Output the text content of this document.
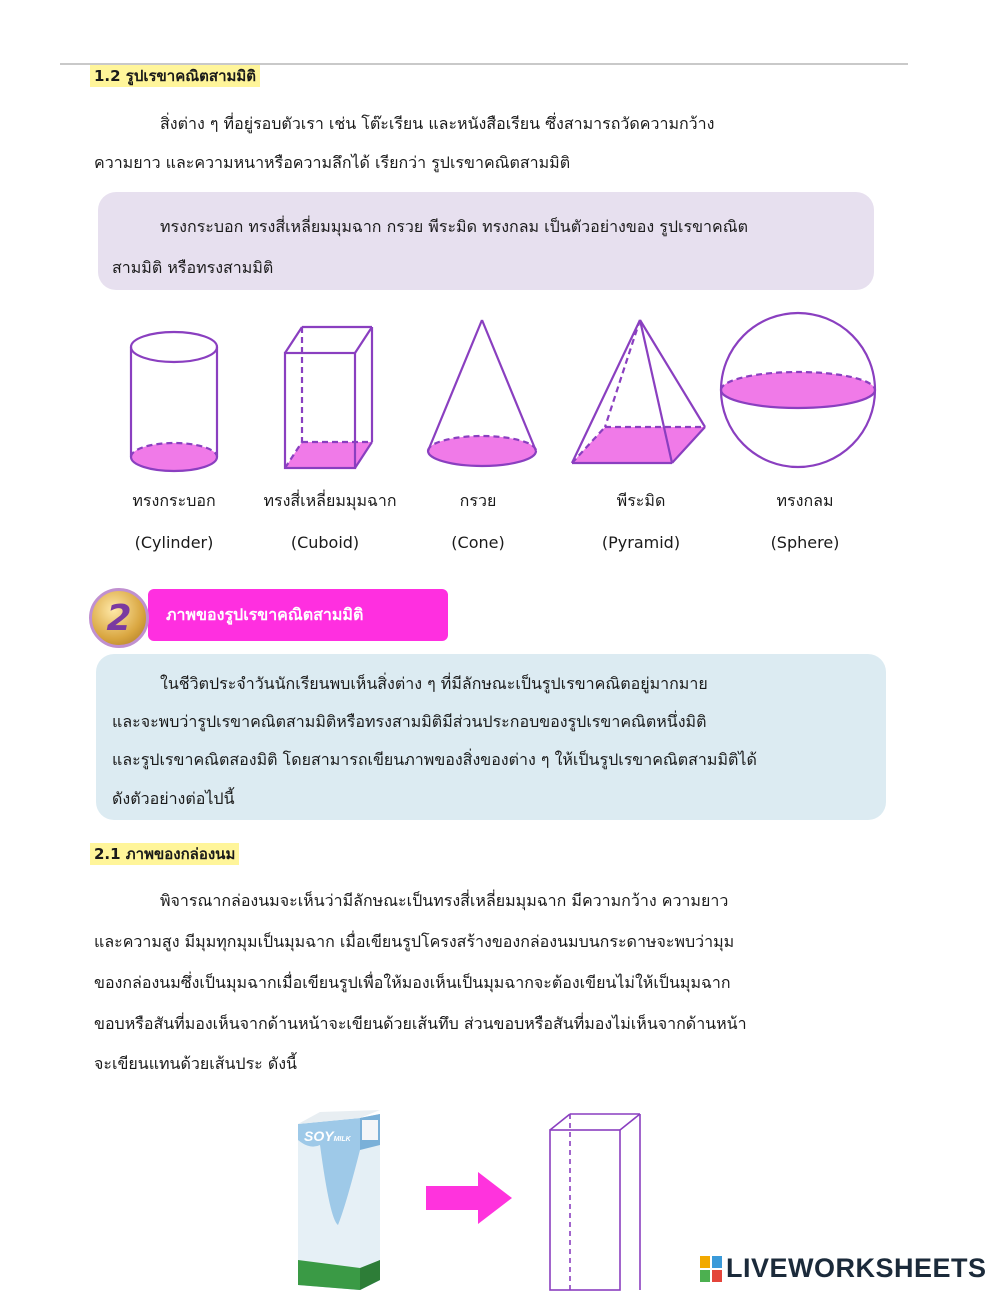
1.2 รูปเรขาคณิตสามมิติ
สิ่งต่าง ๆ ที่อยู่รอบตัวเรา เช่น โต๊ะเรียน และหนังสือเรียน ซึ่งสามารถวัดความกว้าง
ความยาว และความหนาหรือความลึกได้ เรียกว่า รูปเรขาคณิตสามมิติ
ทรงกระบอก ทรงสี่เหลี่ยมมุมฉาก กรวย พีระมิด ทรงกลม เป็นตัวอย่างของ รูปเรขาคณิต
สามมิติ หรือทรงสามมิติ
ทรงกระบอก
(Cylinder)
ทรงสี่เหลี่ยมมุมฉาก
(Cuboid)
กรวย
(Cone)
พีระมิด
(Pyramid)
ทรงกลม
(Sphere)
ภาพของรูปเรขาคณิตสามมิติ
2
ในชีวิตประจำวันนักเรียนพบเห็นสิ่งต่าง ๆ ที่มีลักษณะเป็นรูปเรขาคณิตอยู่มากมาย
และจะพบว่ารูปเรขาคณิตสามมิติหรือทรงสามมิติมีส่วนประกอบของรูปเรขาคณิตหนึ่งมิติ
และรูปเรขาคณิตสองมิติ โดยสามารถเขียนภาพของสิ่งของต่าง ๆ ให้เป็นรูปเรขาคณิตสามมิติได้
ดังตัวอย่างต่อไปนี้
2.1 ภาพของกล่องนม
พิจารณากล่องนมจะเห็นว่ามีลักษณะเป็นทรงสี่เหลี่ยมมุมฉาก มีความกว้าง ความยาว
และความสูง มีมุมทุกมุมเป็นมุมฉาก เมื่อเขียนรูปโครงสร้างของกล่องนมบนกระดาษจะพบว่ามุม
ของกล่องนมซึ่งเป็นมุมฉากเมื่อเขียนรูปเพื่อให้มองเห็นเป็นมุมฉากจะต้องเขียนไม่ให้เป็นมุมฉาก
ขอบหรือสันที่มองเห็นจากด้านหน้าจะเขียนด้วยเส้นทึบ ส่วนขอบหรือสันที่มองไม่เห็นจากด้านหน้า
จะเขียนแทนด้วยเส้นประ ดังนี้
SOYMILK
LIVEWORKSHEETS
